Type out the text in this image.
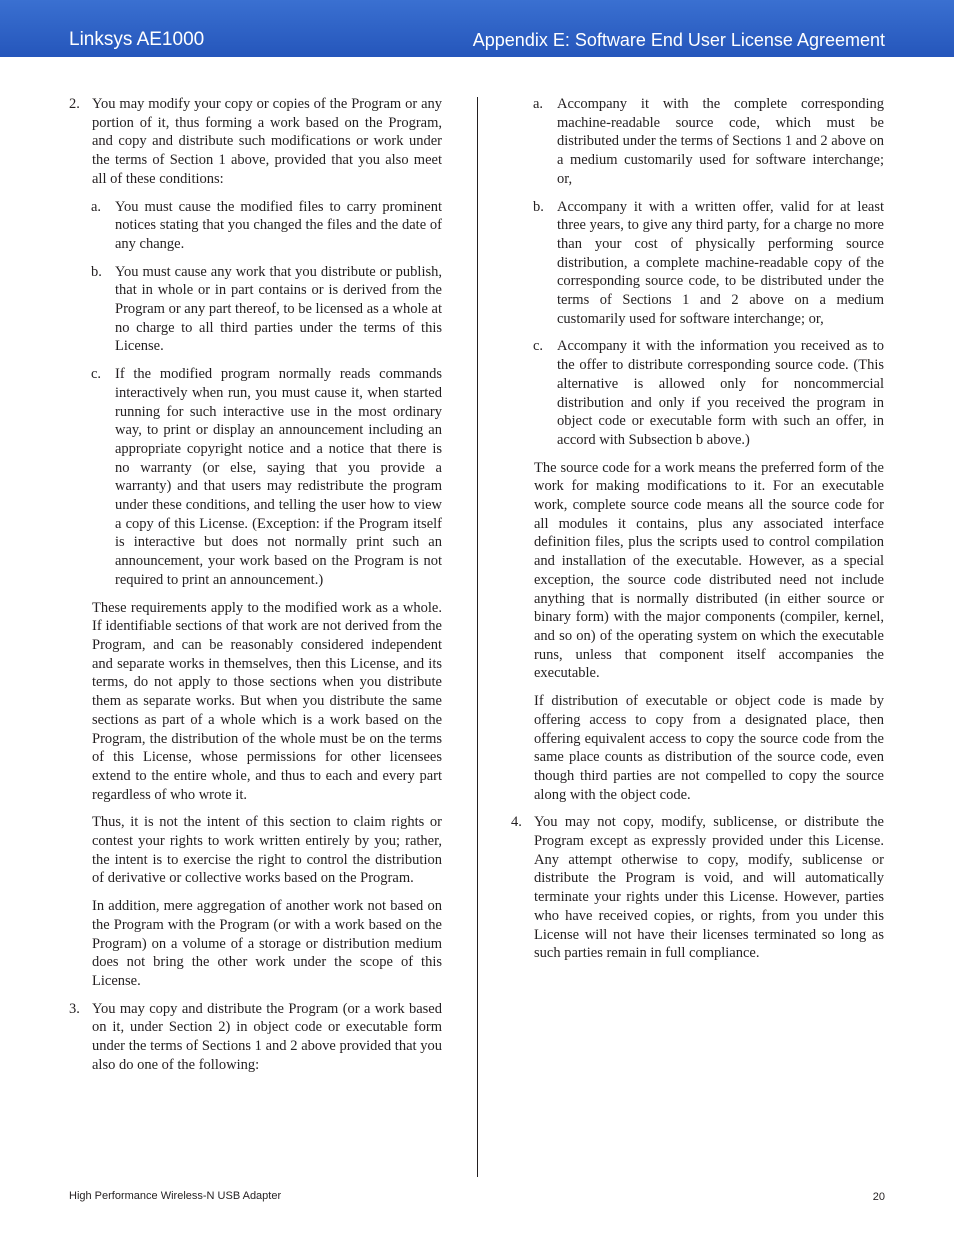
Linksys AE1000	Appendix E: Software End User License Agreement
2. You may modify your copy or copies of the Program or any portion of it, thus forming a work based on the Program, and copy and distribute such modifications or work under the terms of Section 1 above, provided that you also meet all of these conditions:

a. You must cause the modified files to carry prominent notices stating that you changed the files and the date of any change.

b. You must cause any work that you distribute or publish, that in whole or in part contains or is derived from the Program or any part thereof, to be licensed as a whole at no charge to all third parties under the terms of this License.

c. If the modified program normally reads commands interactively when run, you must cause it, when started running for such interactive use in the most ordinary way, to print or display an announcement including an appropriate copyright notice and a notice that there is no warranty (or else, saying that you provide a warranty) and that users may redistribute the program under these conditions, and telling the user how to view a copy of this License. (Exception: if the Program itself is interactive but does not normally print such an announcement, your work based on the Program is not required to print an announcement.)

These requirements apply to the modified work as a whole. If identifiable sections of that work are not derived from the Program, and can be reasonably considered independent and separate works in themselves, then this License, and its terms, do not apply to those sections when you distribute them as separate works. But when you distribute the same sections as part of a whole which is a work based on the Program, the distribution of the whole must be on the terms of this License, whose permissions for other licensees extend to the entire whole, and thus to each and every part regardless of who wrote it.

Thus, it is not the intent of this section to claim rights or contest your rights to work written entirely by you; rather, the intent is to exercise the right to control the distribution of derivative or collective works based on the Program.

In addition, mere aggregation of another work not based on the Program with the Program (or with a work based on the Program) on a volume of a storage or distribution medium does not bring the other work under the scope of this License.

3. You may copy and distribute the Program (or a work based on it, under Section 2) in object code or executable form under the terms of Sections 1 and 2 above provided that you also do one of the following:

a. Accompany it with the complete corresponding machine-readable source code, which must be distributed under the terms of Sections 1 and 2 above on a medium customarily used for software interchange; or,

b. Accompany it with a written offer, valid for at least three years, to give any third party, for a charge no more than your cost of physically performing source distribution, a complete machine-readable copy of the corresponding source code, to be distributed under the terms of Sections 1 and 2 above on a medium customarily used for software interchange; or,

c. Accompany it with the information you received as to the offer to distribute corresponding source code. (This alternative is allowed only for noncommercial distribution and only if you received the program in object code or executable form with such an offer, in accord with Subsection b above.)

The source code for a work means the preferred form of the work for making modifications to it. For an executable work, complete source code means all the source code for all modules it contains, plus any associated interface definition files, plus the scripts used to control compilation and installation of the executable. However, as a special exception, the source code distributed need not include anything that is normally distributed (in either source or binary form) with the major components (compiler, kernel, and so on) of the operating system on which the executable runs, unless that component itself accompanies the executable.

If distribution of executable or object code is made by offering access to copy from a designated place, then offering equivalent access to copy the source code from the same place counts as distribution of the source code, even though third parties are not compelled to copy the source along with the object code.

4. You may not copy, modify, sublicense, or distribute the Program except as expressly provided under this License. Any attempt otherwise to copy, modify, sublicense or distribute the Program is void, and will automatically terminate your rights under this License. However, parties who have received copies, or rights, from you under this License will not have their licenses terminated so long as such parties remain in full compliance.

High Performance Wireless-N USB Adapter	20
